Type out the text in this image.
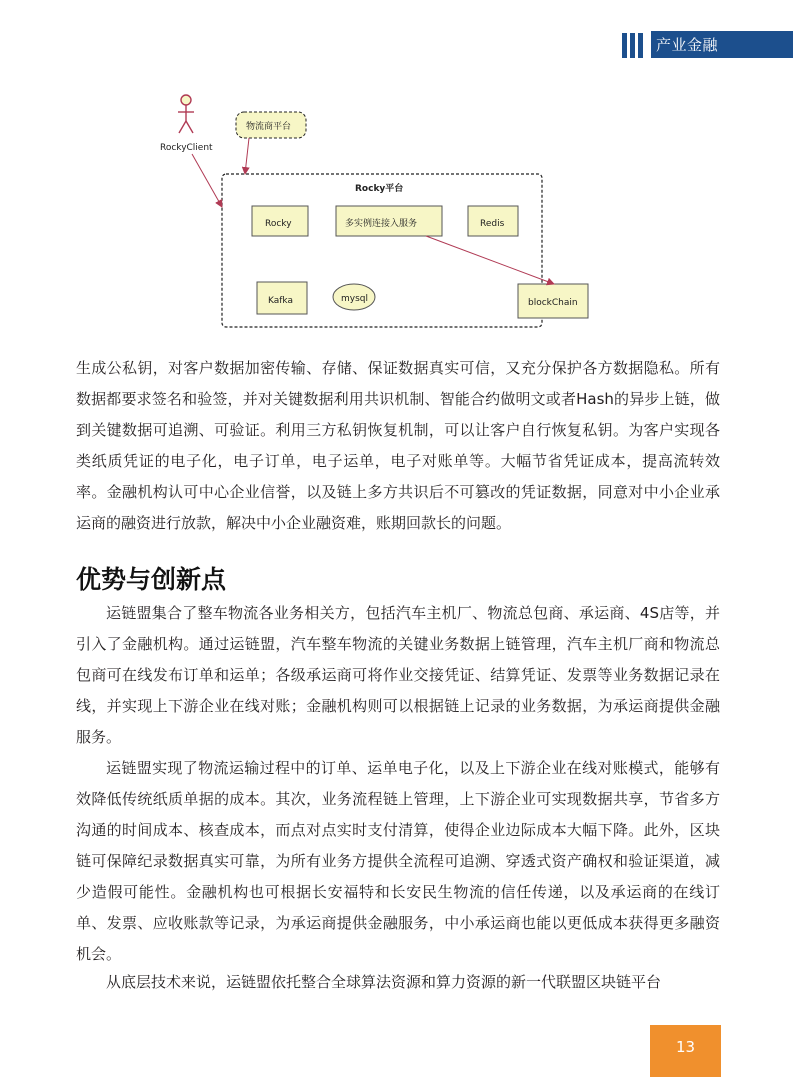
产业金融
RockyClient
物流商平台
Rocky平台
Rocky	多实例连接入服务	Redis
Kafka	mysql	blockChain

生成公私钥，对客户数据加密传输、存储、保证数据真实可信，又充分保护各方数据隐私。所有数据都要求签名和验签，并对关键数据利用共识机制、智能合约做明文或者Hash的异步上链，做到关键数据可追溯、可验证。利用三方私钥恢复机制，可以让客户自行恢复私钥。为客户实现各类纸质凭证的电子化，电子订单，电子运单，电子对账单等。大幅节省凭证成本，提高流转效率。金融机构认可中心企业信誉，以及链上多方共识后不可篡改的凭证数据，同意对中小企业承运商的融资进行放款，解决中小企业融资难，账期回款长的问题。

优势与创新点

运链盟集合了整车物流各业务相关方，包括汽车主机厂、物流总包商、承运商、4S店等，并引入了金融机构。通过运链盟，汽车整车物流的关键业务数据上链管理，汽车主机厂商和物流总包商可在线发布订单和运单；各级承运商可将作业交接凭证、结算凭证、发票等业务数据记录在线，并实现上下游企业在线对账；金融机构则可以根据链上记录的业务数据，为承运商提供金融服务。

运链盟实现了物流运输过程中的订单、运单电子化，以及上下游企业在线对账模式，能够有效降低传统纸质单据的成本。其次，业务流程链上管理，上下游企业可实现数据共享，节省多方沟通的时间成本、核查成本，而点对点实时支付清算，使得企业边际成本大幅下降。此外，区块链可保障纪录数据真实可靠，为所有业务方提供全流程可追溯、穿透式资产确权和验证渠道，减少造假可能性。金融机构也可根据长安福特和长安民生物流的信任传递，以及承运商的在线订单、发票、应收账款等记录，为承运商提供金融服务，中小承运商也能以更低成本获得更多融资机会。

从底层技术来说，运链盟依托整合全球算法资源和算力资源的新一代联盟区块链平台

13
